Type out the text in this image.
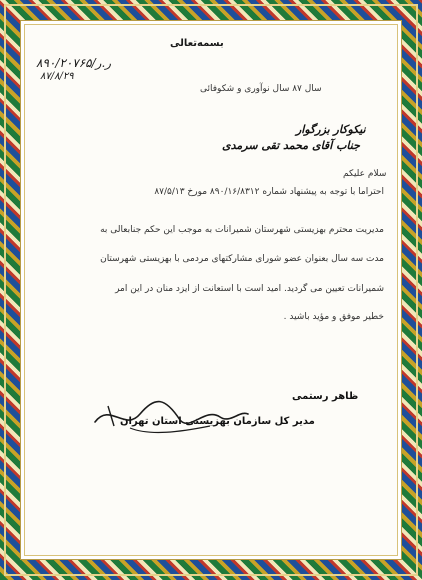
بسمه‌تعالی
۸۹۰/ر.ر/۲۰۷۶۵
۸۷/۸/۲۹
سال ۸۷ سال نوآوری و شکوفائی
نیکوکار بزرگوار
جناب آقای محمد تقی سرمدی
سلام علیکم
احتراما با توجه به پیشنهاد شماره ۸۹۰/۱۶/۸۳۱۲ مورخ ۸۷/۵/۱۳
مدیریت محترم بهزیستی شهرستان شمیرانات به موجب این حکم جنابعالی به
مدت سه سال بعنوان عضو شورای مشارکتهای مردمی با بهزیستی شهرستان
شمیرانات تعیین می گردید. امید است با استعانت از ایزد منان در این امر
خطیر موفق و مؤید باشید .
ظاهر رستمی
مدیر کل سازمان بهزیستی استان تهران
